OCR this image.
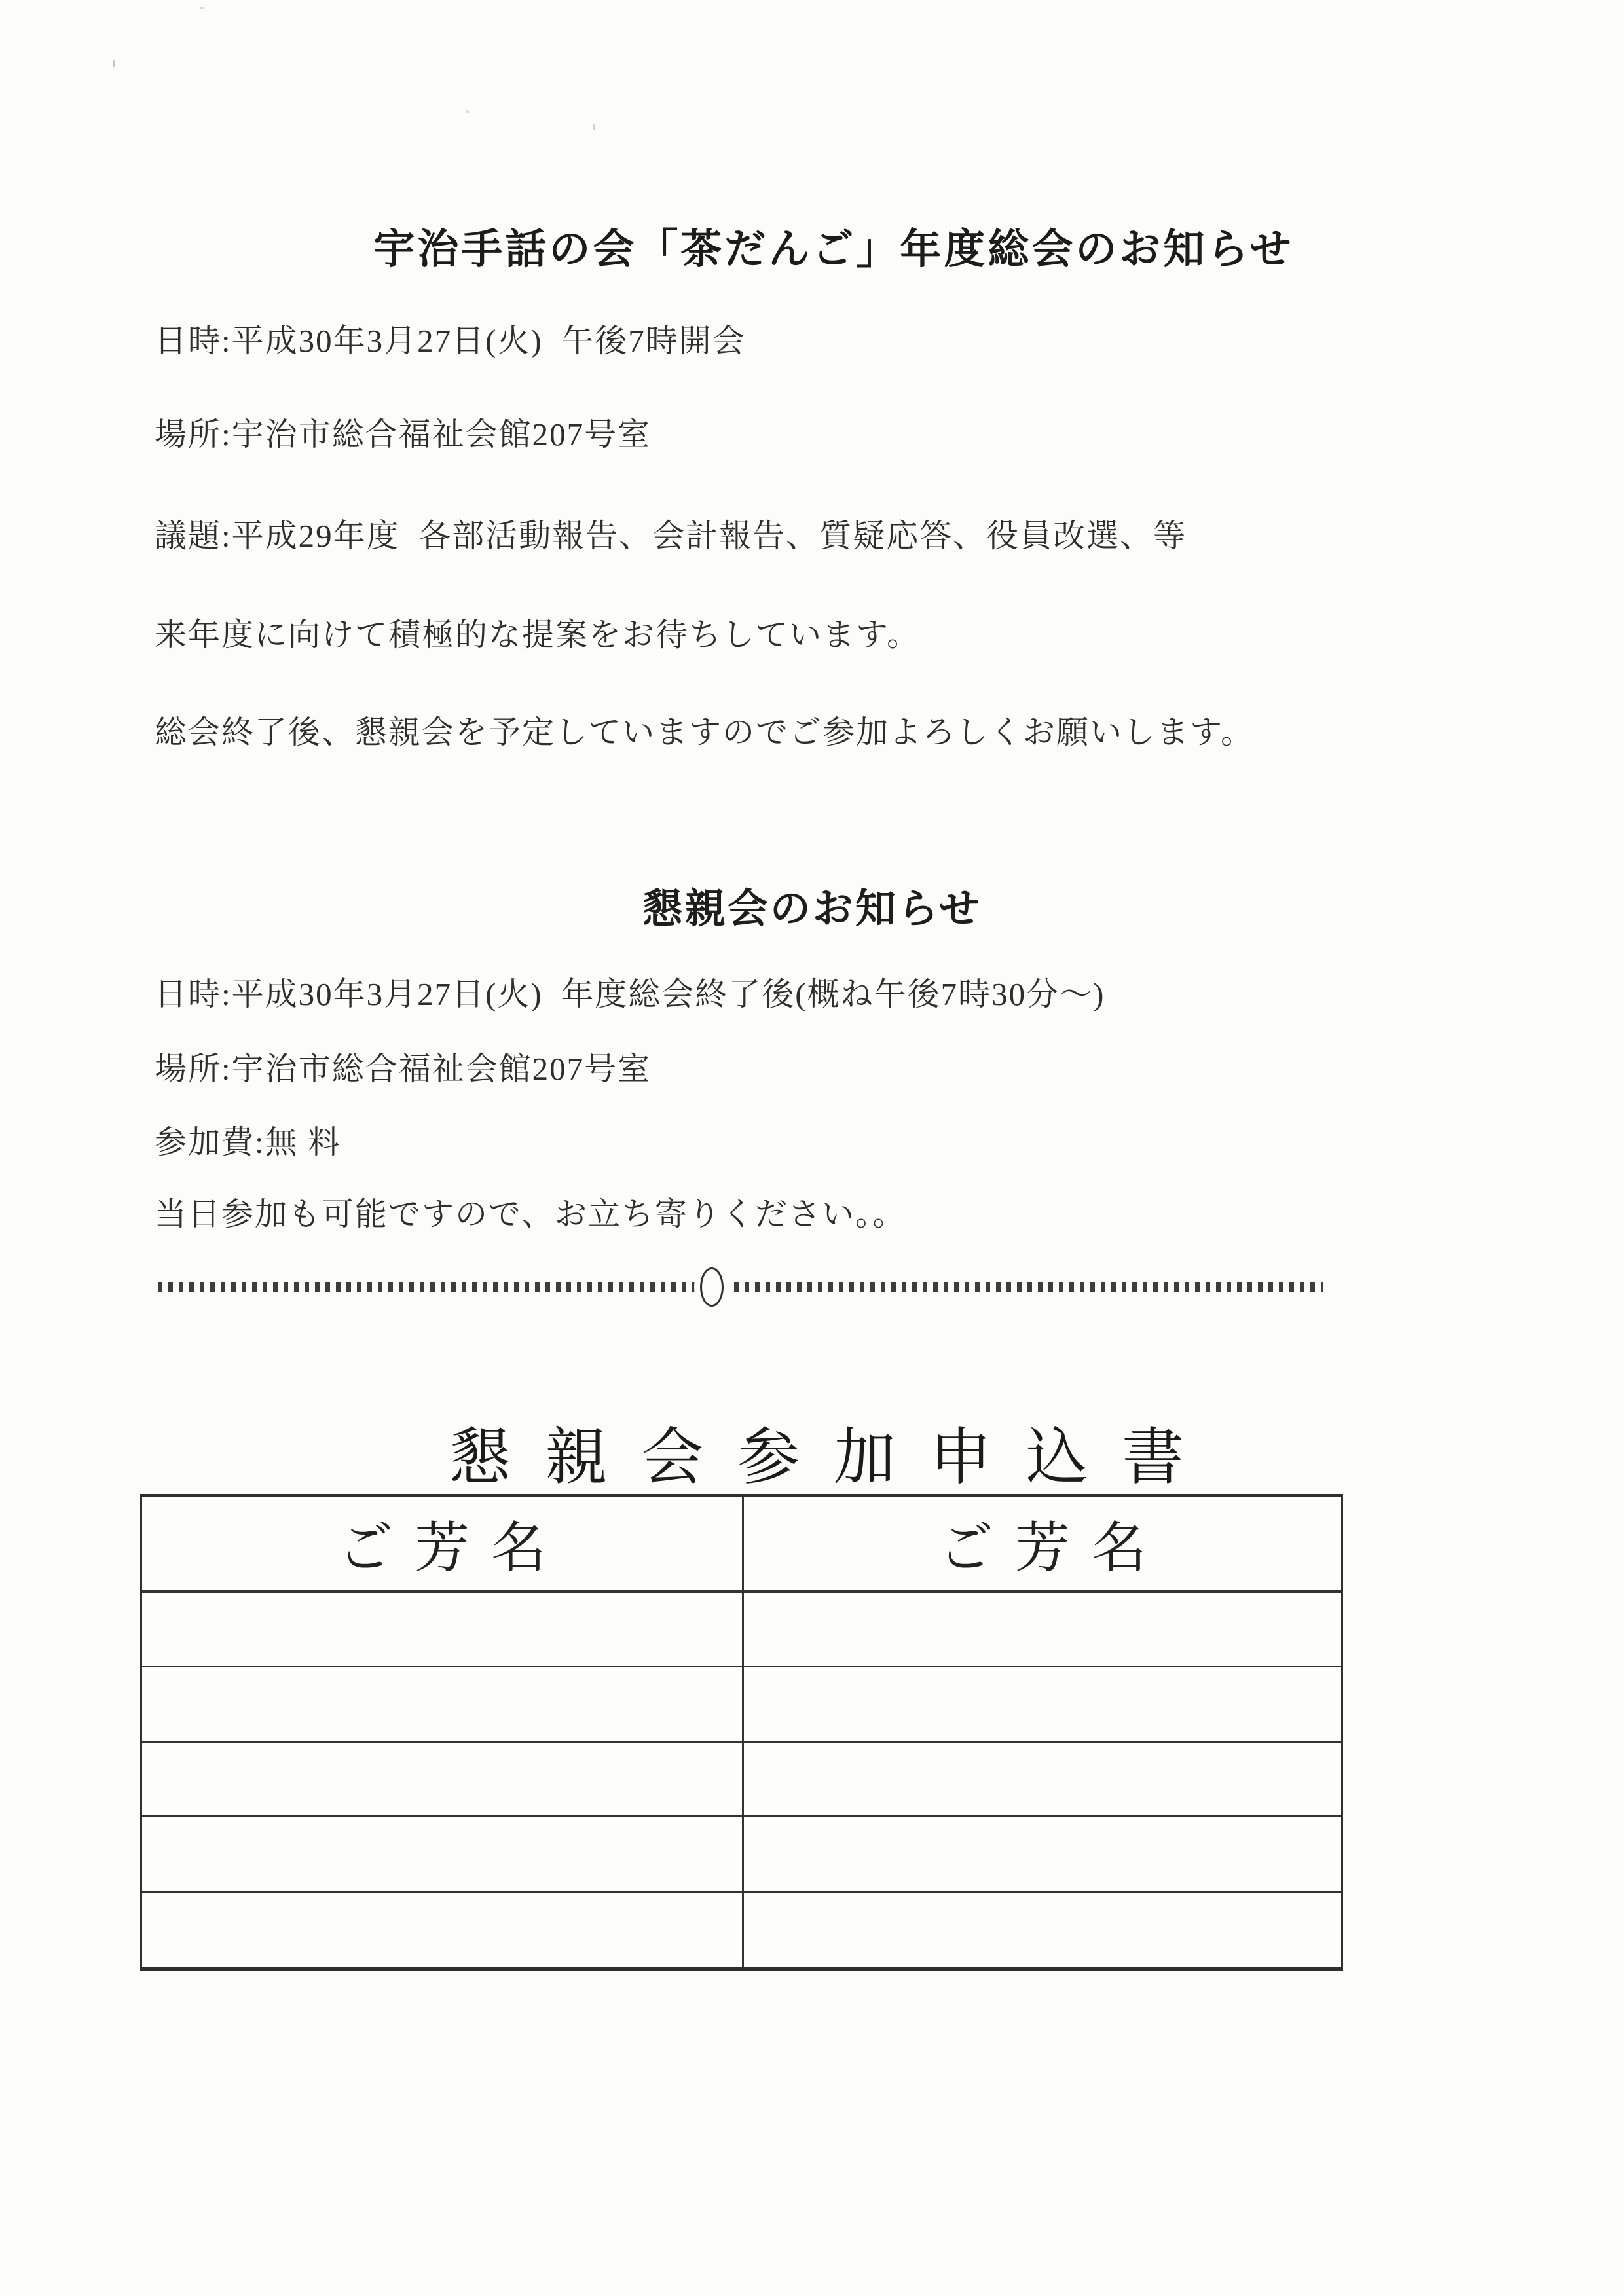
宇治手話の会「茶だんご」年度総会のお知らせ

日時:平成30年3月27日(火)  午後7時開会

場所:宇治市総合福祉会館207号室

議題:平成29年度  各部活動報告、会計報告、質疑応答、役員改選、等

来年度に向けて積極的な提案をお待ちしています。

総会終了後、懇親会を予定していますのでご参加よろしくお願いします。

懇親会のお知らせ

日時:平成30年3月27日(火)  年度総会終了後(概ね午後7時30分〜)

場所:宇治市総合福祉会館207号室

参加費:無 料

当日参加も可能ですので、お立ち寄りください。。

懇 親 会 参 加 申 込 書
ご 芳 名	ご 芳 名
